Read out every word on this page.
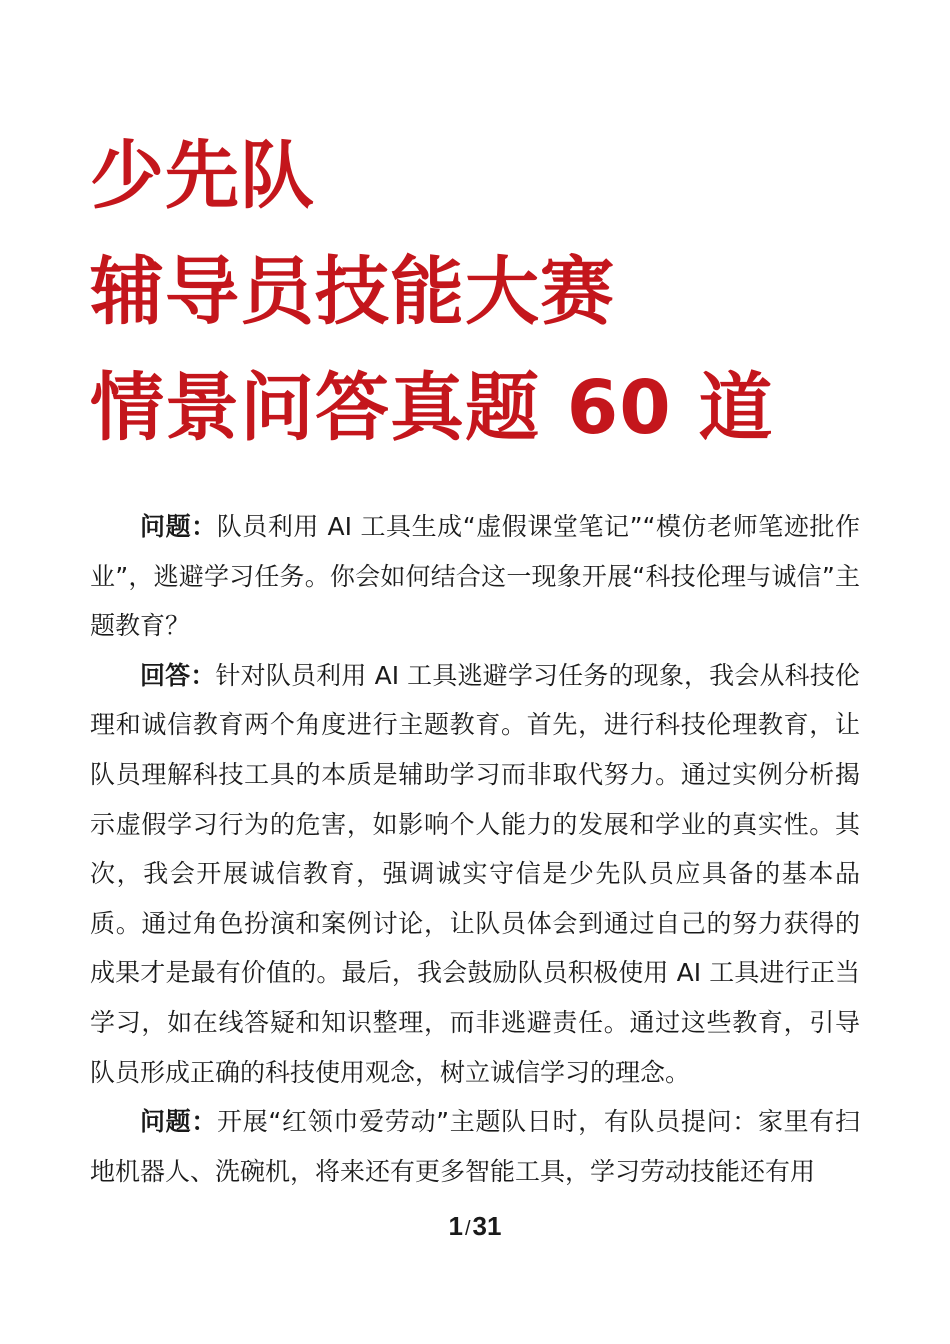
少先队
辅导员技能大赛
情景问答真题 60 道

问题：队员利用 AI 工具生成“虚假课堂笔记”“模仿老师笔迹批作业”，逃避学习任务。你会如何结合这一现象开展“科技伦理与诚信”主题教育？

回答：针对队员利用 AI 工具逃避学习任务的现象，我会从科技伦理和诚信教育两个角度进行主题教育。首先，进行科技伦理教育，让队员理解科技工具的本质是辅助学习而非取代努力。通过实例分析揭示虚假学习行为的危害，如影响个人能力的发展和学业的真实性。其次，我会开展诚信教育，强调诚实守信是少先队员应具备的基本品质。通过角色扮演和案例讨论，让队员体会到通过自己的努力获得的成果才是最有价值的。最后，我会鼓励队员积极使用 AI 工具进行正当学习，如在线答疑和知识整理，而非逃避责任。通过这些教育，引导队员形成正确的科技使用观念，树立诚信学习的理念。

问题：开展“红领巾爱劳动”主题队日时，有队员提问：家里有扫地机器人、洗碗机，将来还有更多智能工具，学习劳动技能还有用

1 /31
